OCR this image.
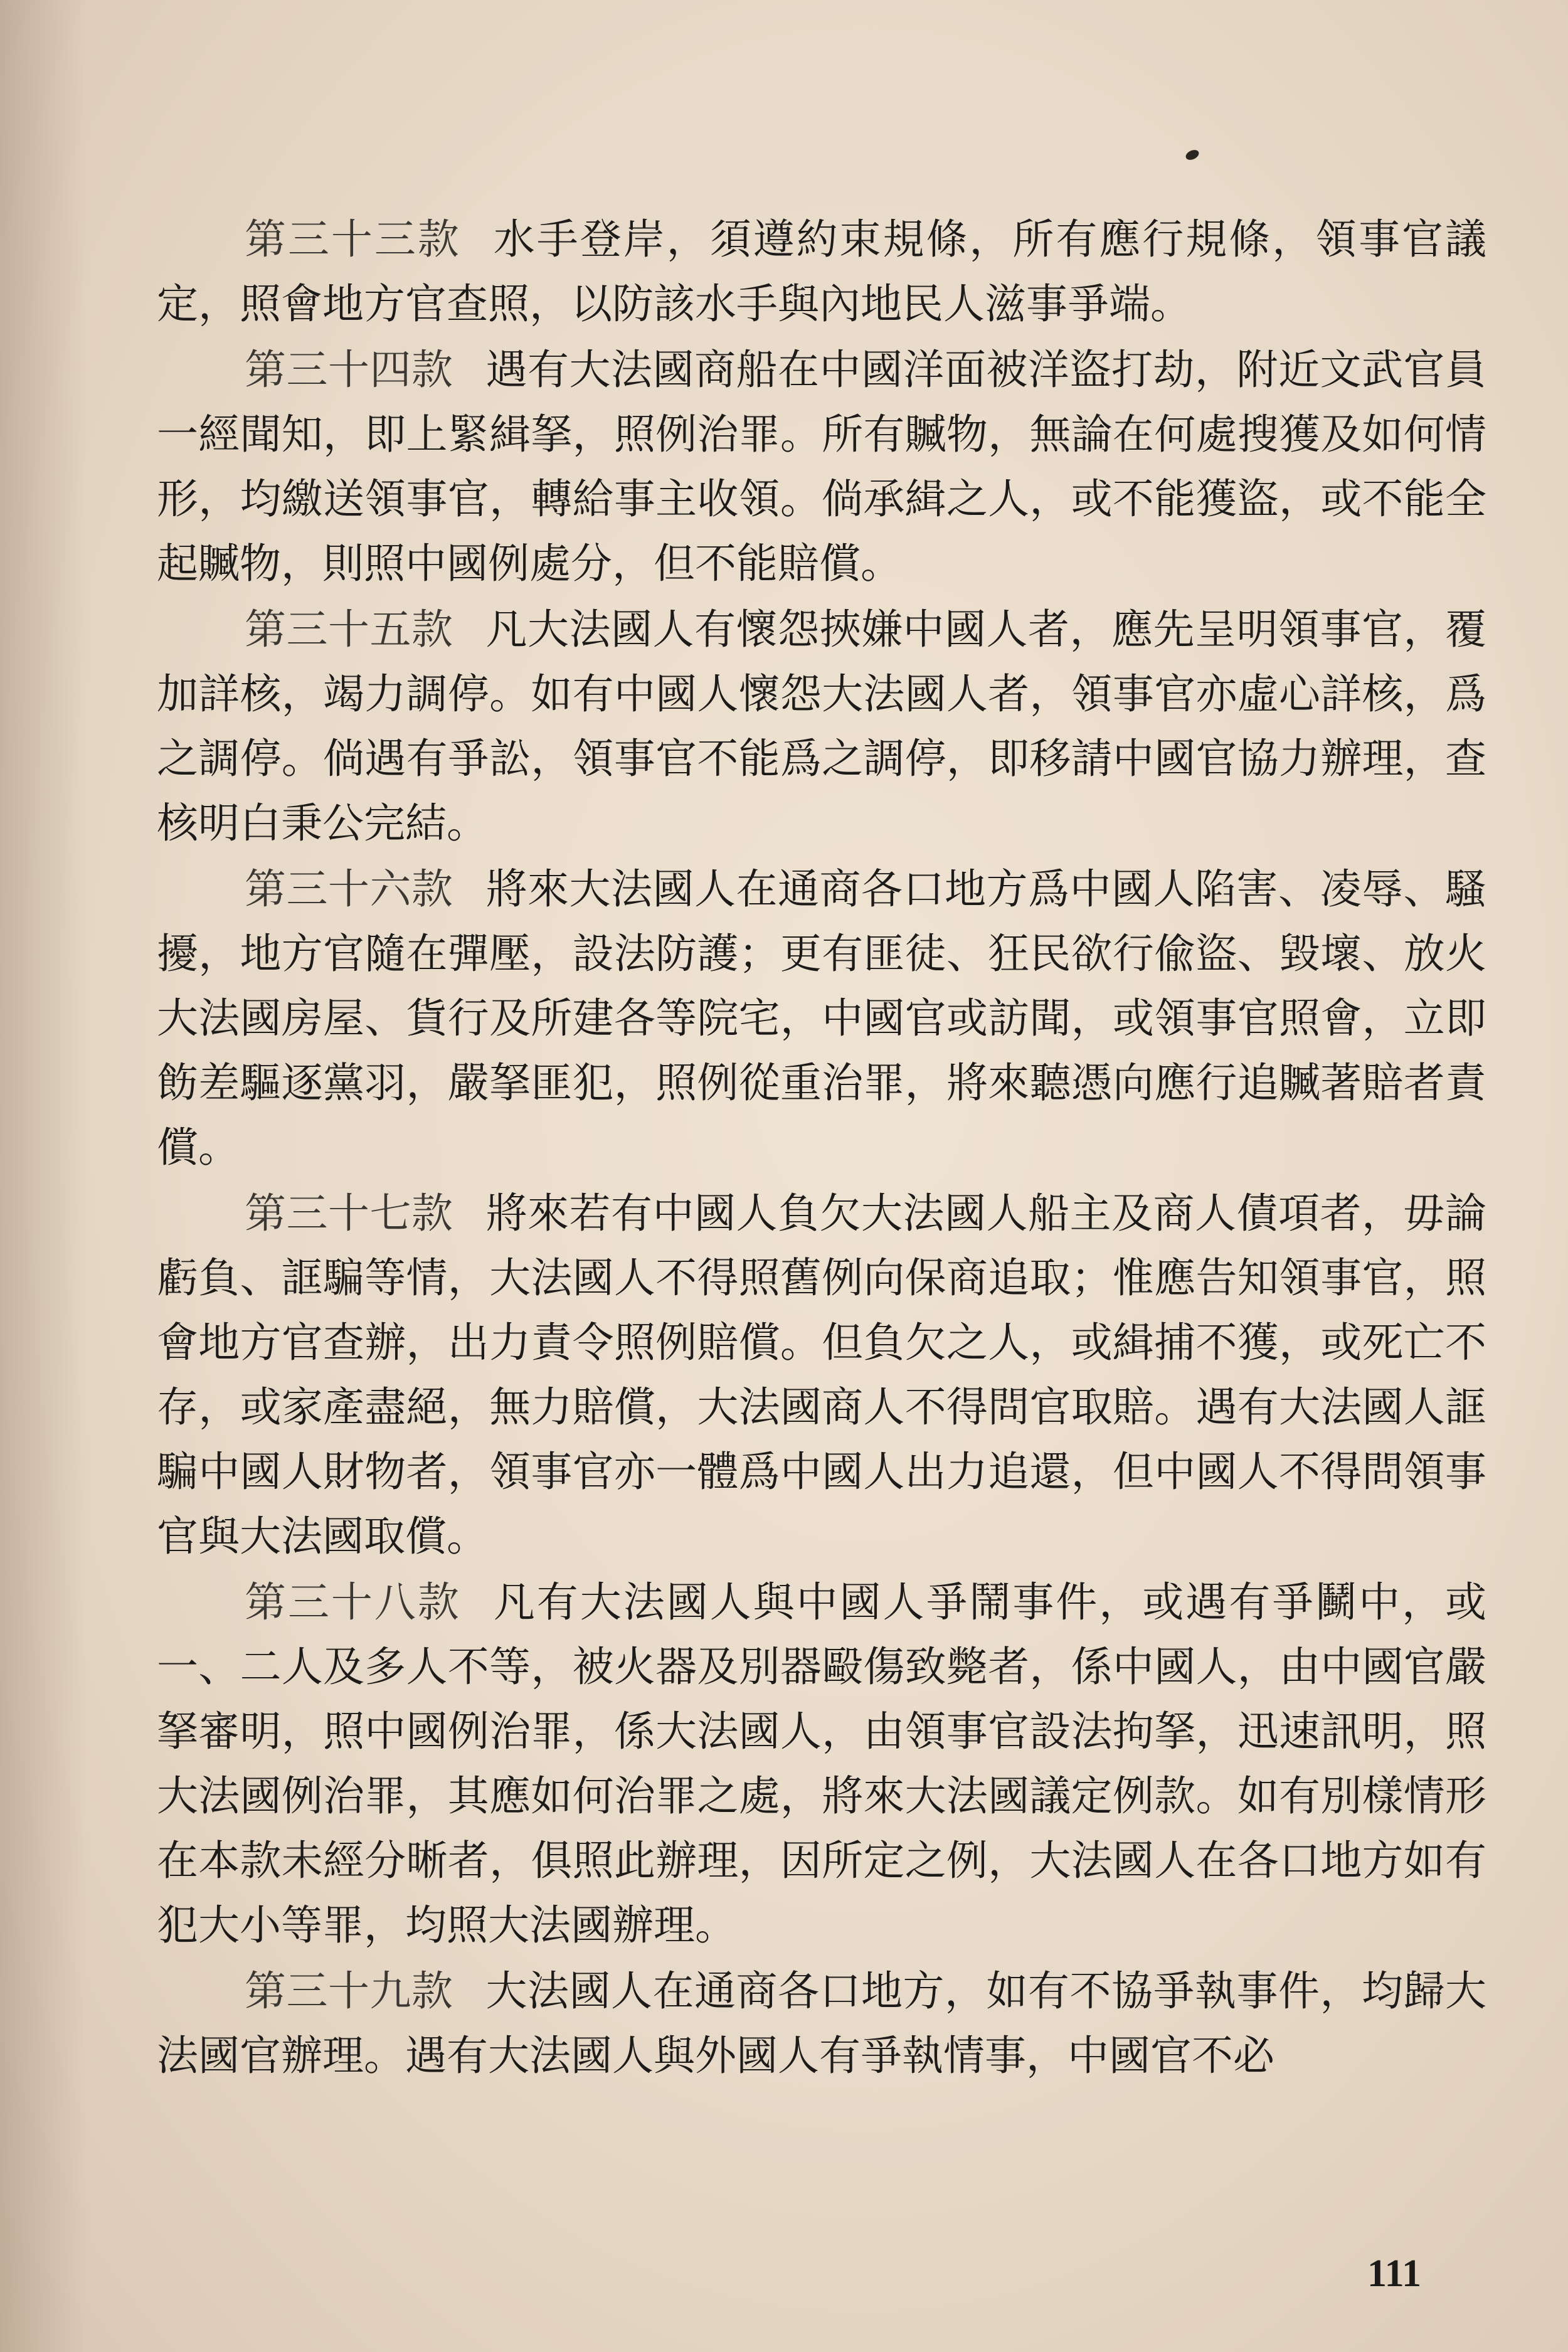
第三十三款 水手登岸，須遵約束規條，所有應行規條，領事官議定，照會地方官查照，以防該水手與內地民人滋事爭端。

第三十四款 遇有大法國商船在中國洋面被洋盜打劫，附近文武官員一經聞知，即上緊緝拏，照例治罪。所有贓物，無論在何處搜獲及如何情形，均繳送領事官，轉給事主收領。倘承緝之人，或不能獲盜，或不能全起贓物，則照中國例處分，但不能賠償。

第三十五款 凡大法國人有懷怨挾嫌中國人者，應先呈明領事官，覆加詳核，竭力調停。如有中國人懷怨大法國人者，領事官亦虛心詳核，爲之調停。倘遇有爭訟，領事官不能爲之調停，即移請中國官協力辦理，查核明白秉公完結。

第三十六款 將來大法國人在通商各口地方爲中國人陷害、凌辱、騷擾，地方官隨在彈壓，設法防護；更有匪徒、狂民欲行偸盜、毀壞、放火大法國房屋、貨行及所建各等院宅，中國官或訪聞，或領事官照會，立即飭差驅逐黨羽，嚴拏匪犯，照例從重治罪，將來聽憑向應行追贓著賠者責償。

第三十七款 將來若有中國人負欠大法國人船主及商人債項者，毋論虧負、誆騙等情，大法國人不得照舊例向保商追取；惟應告知領事官，照會地方官查辦，出力責令照例賠償。但負欠之人，或緝捕不獲，或死亡不存，或家產盡絕，無力賠償，大法國商人不得問官取賠。遇有大法國人誆騙中國人財物者，領事官亦一體爲中國人出力追還，但中國人不得問領事官與大法國取償。

第三十八款 凡有大法國人與中國人爭鬧事件，或遇有爭鬭中，或一、二人及多人不等，被火器及別器毆傷致斃者，係中國人，由中國官嚴拏審明，照中國例治罪，係大法國人，由領事官設法拘拏，迅速訊明，照大法國例治罪，其應如何治罪之處，將來大法國議定例款。如有別樣情形在本款未經分晰者，俱照此辦理，因所定之例，大法國人在各口地方如有犯大小等罪，均照大法國辦理。

第三十九款 大法國人在通商各口地方，如有不協爭執事件，均歸大法國官辦理。遇有大法國人與外國人有爭執情事，中國官不必

111
